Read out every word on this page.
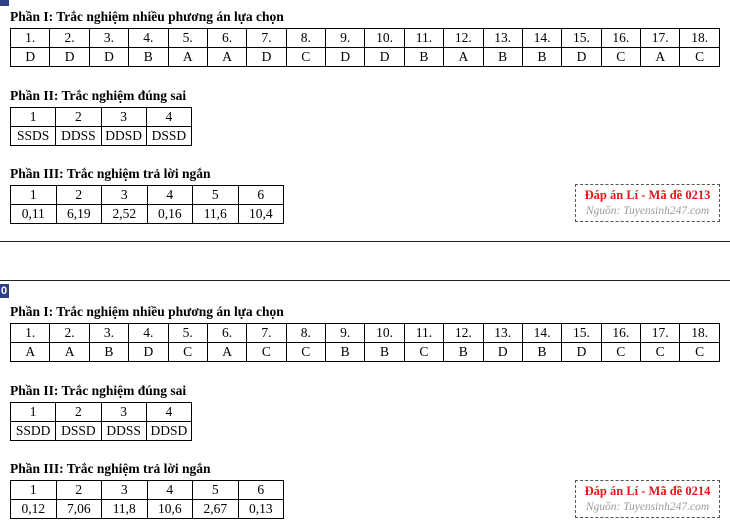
Phần I: Trắc nghiệm nhiều phương án lựa chọn
1.	2.	3.	4.	5.	6.	7.	8.	9.	10.	11.	12.	13.	14.	15.	16.	17.	18.
D	D	D	B	A	A	D	C	D	D	B	A	B	B	D	C	A	C
Phần II: Trắc nghiệm đúng sai
1	2	3	4
SSDS	DDSS	DDSD	DSSD
Phần III: Trắc nghiệm trả lời ngắn
1	2	3	4	5	6
0,11	6,19	2,52	0,16	11,6	10,4
Đáp án Lí - Mã đề 0213
Nguồn: Tuyensinh247.com
0
Phần I: Trắc nghiệm nhiều phương án lựa chọn
1.	2.	3.	4.	5.	6.	7.	8.	9.	10.	11.	12.	13.	14.	15.	16.	17.	18.
A	A	B	D	C	A	C	C	B	B	C	B	D	B	D	C	C	C
Phần II: Trắc nghiệm đúng sai
1	2	3	4
SSDD	DSSD	DDSS	DDSD
Phần III: Trắc nghiệm trả lời ngắn
1	2	3	4	5	6
0,12	7,06	11,8	10,6	2,67	0,13
Đáp án Lí - Mã đề 0214
Nguồn: Tuyensinh247.com
